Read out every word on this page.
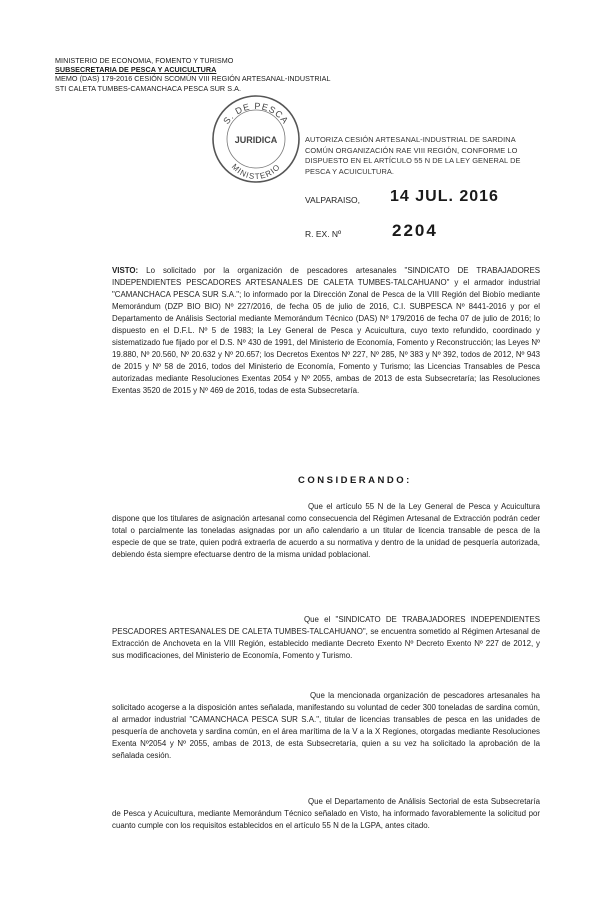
MINISTERIO DE ECONOMIA, FOMENTO Y TURISMO
SUBSECRETARIA DE PESCA Y ACUICULTURA
MEMO (DAS) 179-2016 CESIÓN SCOMÚN VIII REGIÓN ARTESANAL-INDUSTRIAL
STI CALETA TUMBES-CAMANCHACA PESCA SUR S.A.
S. DE PESCA
JURIDICA
MINISTERIO
AUTORIZA CESIÓN ARTESANAL-INDUSTRIAL DE SARDINA COMÚN ORGANIZACIÓN RAE VIII REGIÓN, CONFORME LO DISPUESTO EN EL ARTÍCULO 55 N DE LA LEY GENERAL DE PESCA Y ACUICULTURA.
VALPARAISO, 14 JUL. 2016
R. EX. Nº	2204
VISTO: Lo solicitado por la organización de pescadores artesanales "SINDICATO DE TRABAJADORES INDEPENDIENTES PESCADORES ARTESANALES DE CALETA TUMBES-TALCAHUANO" y el armador industrial "CAMANCHACA PESCA SUR S.A."; lo informado por la Dirección Zonal de Pesca de la VIII Región del Biobío mediante Memorándum (DZP BIO BIO) Nº 227/2016, de fecha 05 de julio de 2016, C.I. SUBPESCA Nº 8441-2016 y por el Departamento de Análisis Sectorial mediante Memorándum Técnico (DAS) Nº 179/2016 de fecha 07 de julio de 2016; lo dispuesto en el D.F.L. Nº 5 de 1983; la Ley General de Pesca y Acuicultura, cuyo texto refundido, coordinado y sistematizado fue fijado por el D.S. Nº 430 de 1991, del Ministerio de Economía, Fomento y Reconstrucción; las Leyes Nº 19.880, Nº 20.560, Nº 20.632 y Nº 20.657; los Decretos Exentos Nº 227, Nº 285, Nº 383 y Nº 392, todos de 2012, Nº 943 de 2015 y Nº 58 de 2016, todos del Ministerio de Economía, Fomento y Turismo; las Licencias Transables de Pesca autorizadas mediante Resoluciones Exentas 2054 y Nº 2055, ambas de 2013 de esta Subsecretaría; las Resoluciones Exentas 3520 de 2015 y Nº 469 de 2016, todas de esta Subsecretaría.
CONSIDERANDO:
Que el artículo 55 N de la Ley General de Pesca y Acuicultura dispone que los titulares de asignación artesanal como consecuencia del Régimen Artesanal de Extracción podrán ceder total o parcialmente las toneladas asignadas por un año calendario a un titular de licencia transable de pesca de la especie de que se trate, quien podrá extraerla de acuerdo a su normativa y dentro de la unidad de pesquería autorizada, debiendo ésta siempre efectuarse dentro de la misma unidad poblacional.
Que el "SINDICATO DE TRABAJADORES INDEPENDIENTES PESCADORES ARTESANALES DE CALETA TUMBES-TALCAHUANO", se encuentra sometido al Régimen Artesanal de Extracción de Anchoveta en la VIII Región, establecido mediante Decreto Exento Nº Decreto Exento Nº 227 de 2012, y sus modificaciones, del Ministerio de Economía, Fomento y Turismo.
Que la mencionada organización de pescadores artesanales ha solicitado acogerse a la disposición antes señalada, manifestando su voluntad de ceder 300 toneladas de sardina común, al armador industrial "CAMANCHACA PESCA SUR S.A.", titular de licencias transables de pesca en las unidades de pesquería de anchoveta y sardina común, en el área marítima de la V a la X Regiones, otorgadas mediante Resoluciones Exenta Nº2054 y Nº 2055, ambas de 2013, de esta Subsecretaría, quien a su vez ha solicitado la aprobación de la señalada cesión.
Que el Departamento de Análisis Sectorial de esta Subsecretaría de Pesca y Acuicultura, mediante Memorándum Técnico señalado en Visto, ha informado favorablemente la solicitud por cuanto cumple con los requisitos establecidos en el artículo 55 N de la LGPA, antes citado.
